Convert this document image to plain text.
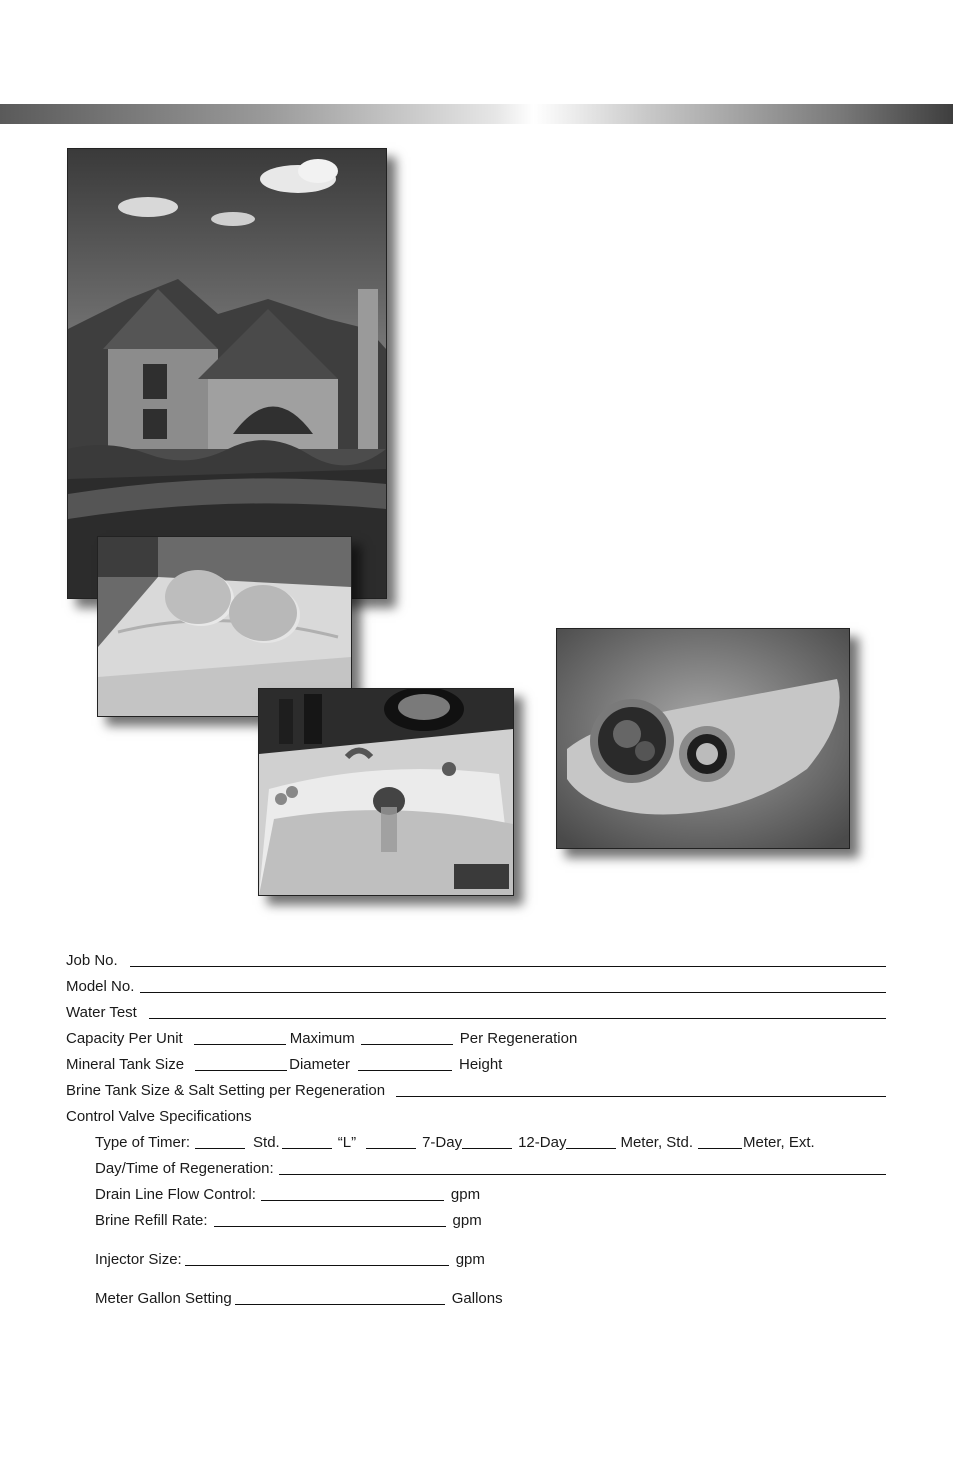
Job No.
Model No.
Water Test
Capacity Per Unit	Maximum	Per Regeneration
Mineral Tank Size	Diameter	Height
Brine Tank Size & Salt Setting per Regeneration
Control Valve Specifications
Type of Timer:	Std.	“L”	7-Day	12-Day	Meter, Std.	Meter, Ext.
Day/Time of Regeneration:
Drain Line Flow Control:	gpm
Brine Refill Rate:	gpm
Injector Size:	gpm
Meter Gallon Setting	Gallons
